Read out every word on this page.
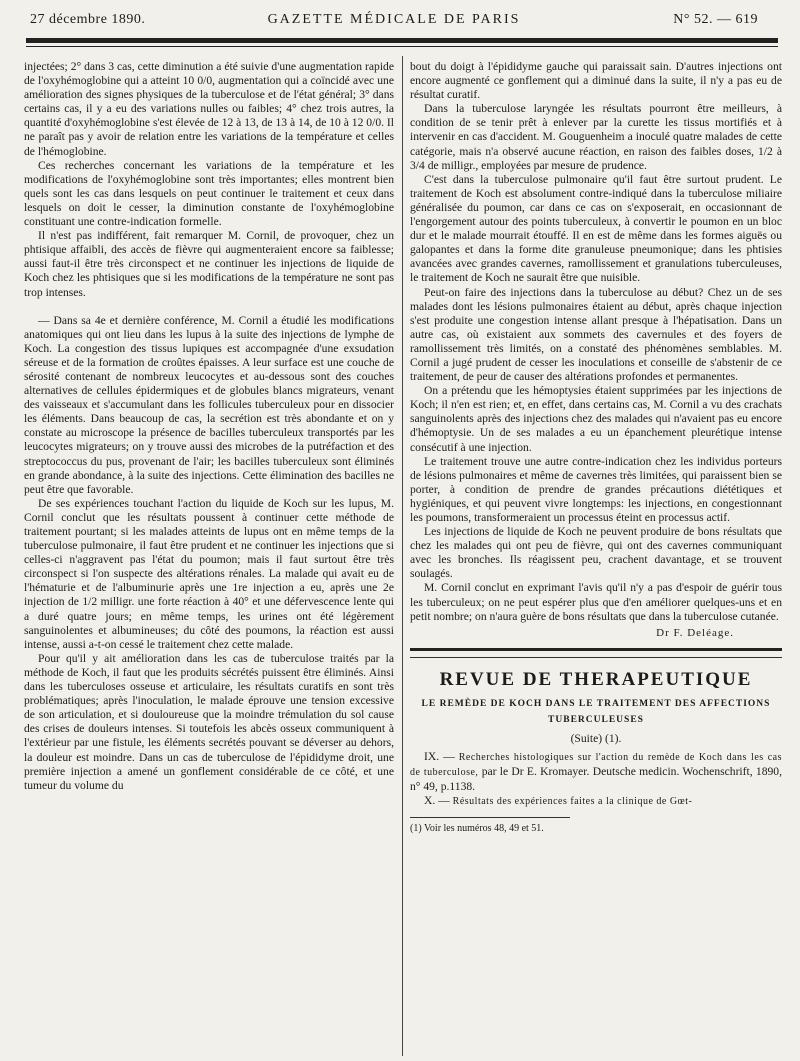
27 décembre 1890.	GAZETTE MÉDICALE DE PARIS	N° 52. — 619

injectées; 2° dans 3 cas, cette diminution a été suivie d'une augmentation rapide de l'oxyhémoglobine qui a atteint 10 0/0, augmentation qui a coïncidé avec une amélioration des signes physiques de la tuberculose et de l'état général; 3° dans certains cas, il y a eu des variations nulles ou faibles; 4° chez trois autres, la quantité d'oxyhémoglobine s'est élevée de 12 à 13, de 13 à 14, de 10 à 12 0/0. Il ne paraît pas y avoir de relation entre les variations de la température et celles de l'hémoglobine.

Ces recherches concernant les variations de la température et les modifications de l'oxyhémoglobine sont très importantes; elles montrent bien quels sont les cas dans lesquels on peut continuer le traitement et ceux dans lesquels on doit le cesser, la diminution constante de l'oxyhémoglobine constituant une contre-indication formelle.

Il n'est pas indifférent, fait remarquer M. Cornil, de provoquer, chez un phtisique affaibli, des accès de fièvre qui augmenteraient encore sa faiblesse; aussi faut-il être très circonspect et ne continuer les injections de liquide de Koch chez les phtisiques que si les modifications de la température ne sont pas trop intenses.

— Dans sa 4e et dernière conférence, M. Cornil a étudié les modifications anatomiques qui ont lieu dans les lupus à la suite des injections de lymphe de Koch. La congestion des tissus lupiques est accompagnée d'une exsudation séreuse et de la formation de croûtes épaisses. A leur surface est une couche de sérosité contenant de nombreux leucocytes et au-dessous sont des couches alternatives de cellules épidermiques et de globules blancs migrateurs, venant des vaisseaux et s'accumulant dans les follicules tuberculeux pour en dissocier les éléments. Dans beaucoup de cas, la secrétion est très abondante et on y constate au microscope la présence de bacilles tuberculeux transportés par les leucocytes migrateurs; on y trouve aussi des microbes de la putréfaction et des streptococcus du pus, provenant de l'air; les bacilles tuberculeux sont éliminés en grande abondance, à la suite des injections. Cette élimination des bacilles ne peut être que favorable.

De ses expériences touchant l'action du liquide de Koch sur les lupus, M. Cornil conclut que les résultats poussent à continuer cette méthode de traitement pourtant; si les malades atteints de lupus ont en même temps de la tuberculose pulmonaire, il faut être prudent et ne continuer les injections que si celles-ci n'aggravent pas l'état du poumon; mais il faut surtout être très circonspect si l'on suspecte des altérations rénales. La malade qui avait eu de l'hématurie et de l'albuminurie après une 1re injection a eu, après une 2e injection de 1/2 milligr. une forte réaction à 40° et une défervescence lente qui a duré quatre jours; en même temps, les urines ont été légèrement sanguinolentes et albumineuses; du côté des poumons, la réaction est aussi intense, aussi a-t-on cessé le traitement chez cette malade.

Pour qu'il y ait amélioration dans les cas de tuberculose traités par la méthode de Koch, il faut que les produits sécrétés puissent être éliminés. Ainsi dans les tuberculoses osseuse et articulaire, les résultats curatifs en sont très problématiques; après l'inoculation, le malade éprouve une tension excessive de son articulation, et si douloureuse que la moindre trémulation du sol cause des crises de douleurs intenses. Si toutefois les abcès osseux communiquent à l'extérieur par une fistule, les éléments secrétés pouvant se déverser au dehors, la douleur est moindre. Dans un cas de tuberculose de l'épididyme droit, une première injection a amené un gonflement considérable de ce côté, et une tumeur du volume du

bout du doigt à l'épididyme gauche qui paraissait sain. D'autres injections ont encore augmenté ce gonflement qui a diminué dans la suite, il n'y a pas eu de résultat curatif.

Dans la tuberculose laryngée les résultats pourront être meilleurs, à condition de se tenir prêt à enlever par la curette les tissus mortifiés et à intervenir en cas d'accident. M. Gouguenheim a inoculé quatre malades de cette catégorie, mais n'a observé aucune réaction, en raison des faibles doses, 1/2 à 3/4 de milligr., employées par mesure de prudence.

C'est dans la tuberculose pulmonaire qu'il faut être surtout prudent. Le traitement de Koch est absolument contre-indiqué dans la tuberculose miliaire généralisée du poumon, car dans ce cas on s'exposerait, en occasionnant de l'engorgement autour des points tuberculeux, à convertir le poumon en un bloc dur et le malade mourrait étouffé. Il en est de même dans les formes aiguës ou galopantes et dans la forme dite granuleuse pneumonique; dans les phtisies avancées avec grandes cavernes, ramollissement et granulations tuberculeuses, le traitement de Koch ne saurait être que nuisible.

Peut-on faire des injections dans la tuberculose au début? Chez un de ses malades dont les lésions pulmonaires étaient au début, après chaque injection s'est produite une congestion intense allant presque à l'hépatisation. Dans un autre cas, où existaient aux sommets des cavernules et des foyers de ramollissement très limités, on a constaté des phénomènes semblables. M. Cornil a jugé prudent de cesser les inoculations et conseille de s'abstenir de ce traitement, de peur de causer des altérations profondes et permanentes.

On a prétendu que les hémoptysies étaient supprimées par les injections de Koch; il n'en est rien; et, en effet, dans certains cas, M. Cornil a vu des crachats sanguinolents après des injections chez des malades qui n'avaient pas eu encore d'hémoptysie. Un de ses malades a eu un épanchement pleurétique intense consécutif à une injection.

Le traitement trouve une autre contre-indication chez les individus porteurs de lésions pulmonaires et même de cavernes très limitées, qui paraissent bien se porter, à condition de prendre de grandes précautions diététiques et hygiéniques, et qui peuvent vivre longtemps: les injections, en congestionnant les poumons, transformeraient un processus éteint en processus actif.

Les injections de liquide de Koch ne peuvent produire de bons résultats que chez les malades qui ont peu de fièvre, qui ont des cavernes communiquant avec les bronches. Ils réagissent peu, crachent davantage, et se trouvent soulagés.

M. Cornil conclut en exprimant l'avis qu'il n'y a pas d'espoir de guérir tous les tuberculeux; on ne peut espérer plus que d'en améliorer quelques-uns et en petit nombre; on n'aura guère de bons résultats que dans la tuberculose cutanée.

Dr F. Deléage.
REVUE DE THERAPEUTIQUE
LE REMÈDE DE KOCH DANS LE TRAITEMENT DES AFFECTIONS
TUBERCULEUSES
(Suite) (1).

IX. — Recherches histologiques sur l'action du remède de Koch dans les cas de tuberculose, par le Dr E. Kromayer. Deutsche medicin. Wochenschrift, 1890, n° 49, p.1138.

X. — Résultats des expériences faites a la clinique de Gœt-

(1) Voir les numéros 48, 49 et 51.
